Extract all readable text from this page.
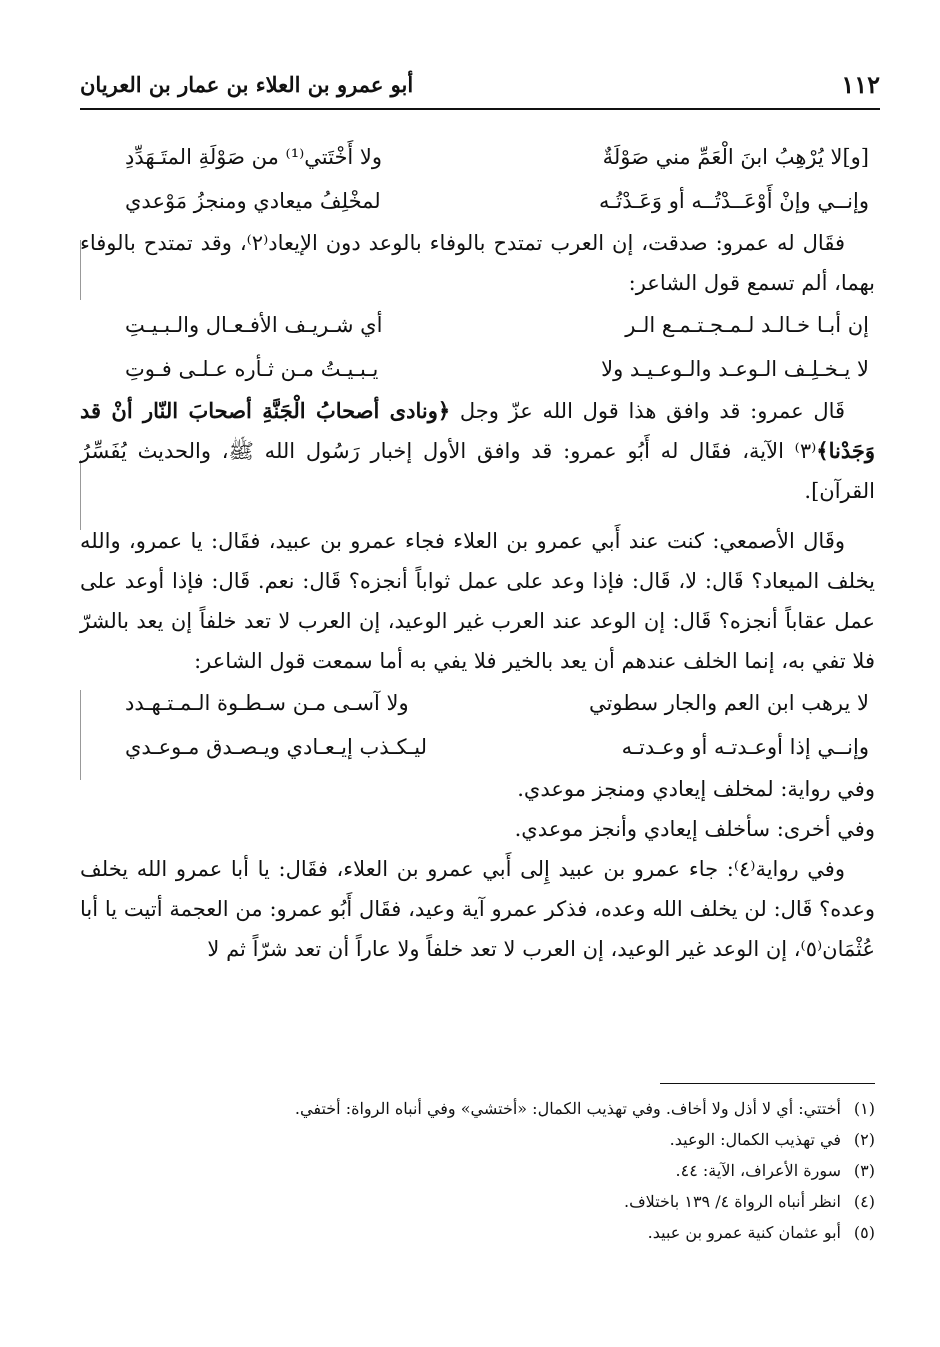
١١٢
أبو عمرو بن العلاء بن عمار بن العريان
[و]لا يُرْهِبُ ابنَ الْعَمِّ مني صَوْلَةٌ
ولا أَخْتَتي⁽¹⁾ من صَوْلَةِ المتَـهَدِّدِ
وإنــي وإنْ أَوْعَــدْتُــه أو وَعَـدْتُـه
لمخْلِفُ ميعادي ومنجزُ مَوْعدي

فقَال له عمرو: صدقت، إن العرب تمتدح بالوفاء بالوعد دون الإيعاد⁽٢⁾، وقد تمتدح بالوفاء بهما، ألم تسمع قول الشاعر:

إن أبـا خـالـد لـمـجـتـمـع الـر
أي شـريـف الأفـعـال والـبـيـتِ
لا يـخـلِـف الـوعـد والـوعـيـد ولا
يـبـيـتُ مـن ثـأره عـلـى فـوتِ

قَال عمرو: قد وافق هذا قول الله عزّ وجل ﴿ونادى أصحابُ الْجَنَّةِ أصحابَ النّار أنْ قد وَجَدْنا﴾⁽٣⁾ الآية، فقَال له أَبُو عمرو: قد وافق الأول إخبار رَسُول الله ﷺ، والحديث يُفَسِّرُ القرآن].

وقَال الأصمعي: كنت عند أَبي عمرو بن العلاء فجاء عمرو بن عبيد، فقَال: يا عمرو، والله يخلف الميعاد؟ قَال: لا، قَال: فإذا وعد على عمل ثواباً أنجزه؟ قَال: نعم. قَال: فإذا أوعد على عمل عقاباً أنجزه؟ قَال: إن الوعد عند العرب غير الوعيد، إن العرب لا تعد خلفاً إن يعد بالشرّ فلا تفي به، إنما الخلف عندهم أن يعد بالخير فلا يفي به أما سمعت قول الشاعر:

لا يرهب ابن العم والجار سطوتي
ولا آسـى مـن سـطـوة الـمـتـهـدد
وإنــي إذا أوعـدتـه أو وعـدتـه
ليـكـذب إيـعـادي ويـصـدق مـوعـدي

وفي رواية: لمخلف إيعادي ومنجز موعدي.

وفي أخرى: سأخلف إيعادي وأنجز موعدي.

وفي رواية⁽٤⁾: جاء عمرو بن عبيد إِلى أَبي عمرو بن العلاء، فقَال: يا أبا عمرو الله يخلف وعده؟ قَال: لن يخلف الله وعده، فذكر عمرو آية وعيد، فقَال أَبُو عمرو: من العجمة أتيت يا أبا عُثْمَان⁽٥⁾، إن الوعد غير الوعيد، إن العرب لا تعد خلفاً ولا عاراً أن تعد شرّاً ثم لا

(١)
أختتي: أي لا أذل ولا أخاف. وفي تهذيب الكمال: «أختشي» وفي أنباه الرواة: أختفي.
(٢)
في تهذيب الكمال: الوعيد.
(٣)
سورة الأعراف، الآية: ٤٤.
(٤)
انظر أنباه الرواة ٤/ ١٣٩ باختلاف.
(٥)
أبو عثمان كنية عمرو بن عبيد.
